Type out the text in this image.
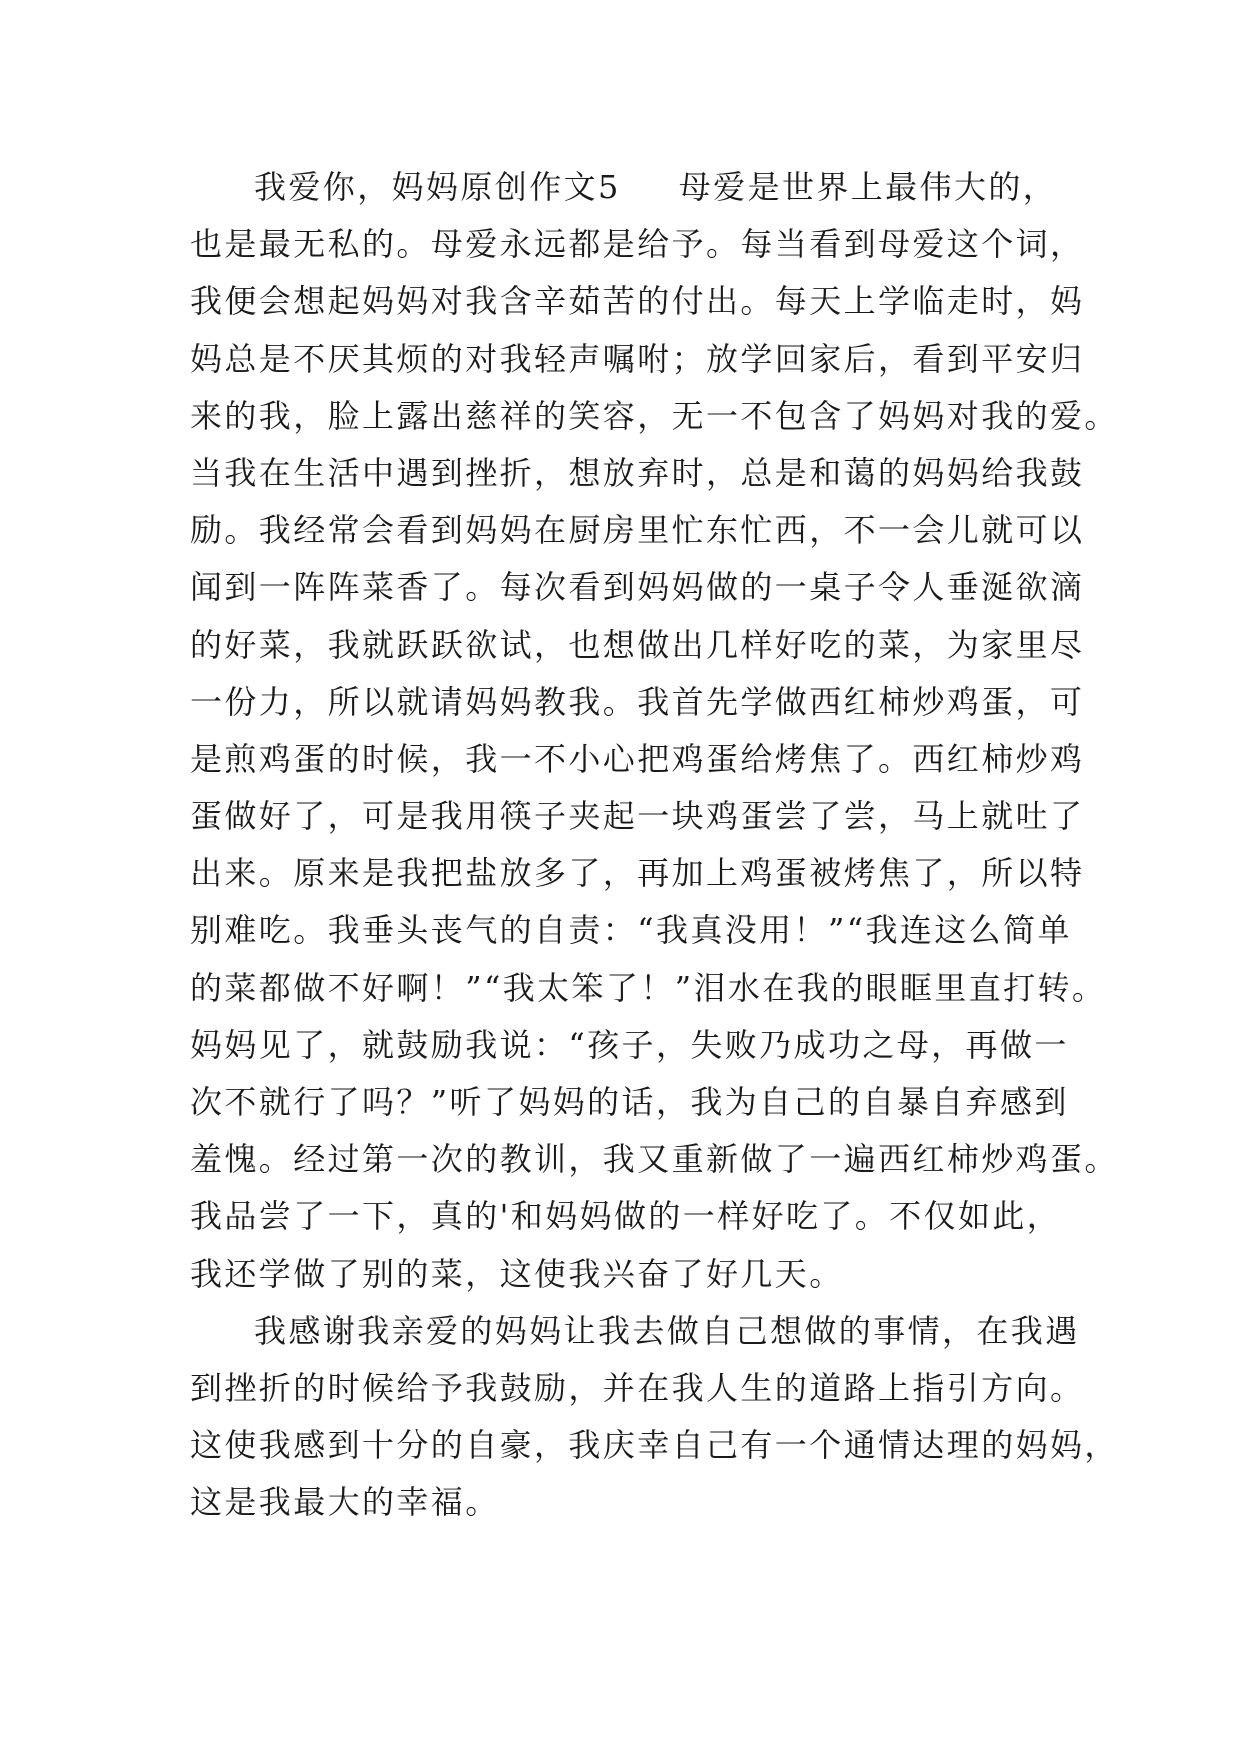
我爱你，妈妈原创作文5 母爱是世界上最伟大的，
也是最无私的。母爱永远都是给予。每当看到母爱这个词，
我便会想起妈妈对我含辛茹苦的付出。每天上学临走时，妈
妈总是不厌其烦的对我轻声嘱咐；放学回家后，看到平安归
来的我，脸上露出慈祥的笑容，无一不包含了妈妈对我的爱。
当我在生活中遇到挫折，想放弃时，总是和蔼的妈妈给我鼓
励。我经常会看到妈妈在厨房里忙东忙西，不一会儿就可以
闻到一阵阵菜香了。每次看到妈妈做的一桌子令人垂涎欲滴
的好菜，我就跃跃欲试，也想做出几样好吃的菜，为家里尽
一份力，所以就请妈妈教我。我首先学做西红柿炒鸡蛋，可
是煎鸡蛋的时候，我一不小心把鸡蛋给烤焦了。西红柿炒鸡
蛋做好了，可是我用筷子夹起一块鸡蛋尝了尝，马上就吐了
出来。原来是我把盐放多了，再加上鸡蛋被烤焦了，所以特
别难吃。我垂头丧气的自责：“我真没用！”“我连这么简单
的菜都做不好啊！”“我太笨了！”泪水在我的眼眶里直打转。
妈妈见了，就鼓励我说：“孩子，失败乃成功之母，再做一
次不就行了吗？”听了妈妈的话，我为自己的自暴自弃感到
羞愧。经过第一次的教训，我又重新做了一遍西红柿炒鸡蛋。
我品尝了一下，真的'和妈妈做的一样好吃了。不仅如此，
我还学做了别的菜，这使我兴奋了好几天。
我感谢我亲爱的妈妈让我去做自己想做的事情，在我遇
到挫折的时候给予我鼓励，并在我人生的道路上指引方向。
这使我感到十分的自豪，我庆幸自己有一个通情达理的妈妈，
这是我最大的幸福。
